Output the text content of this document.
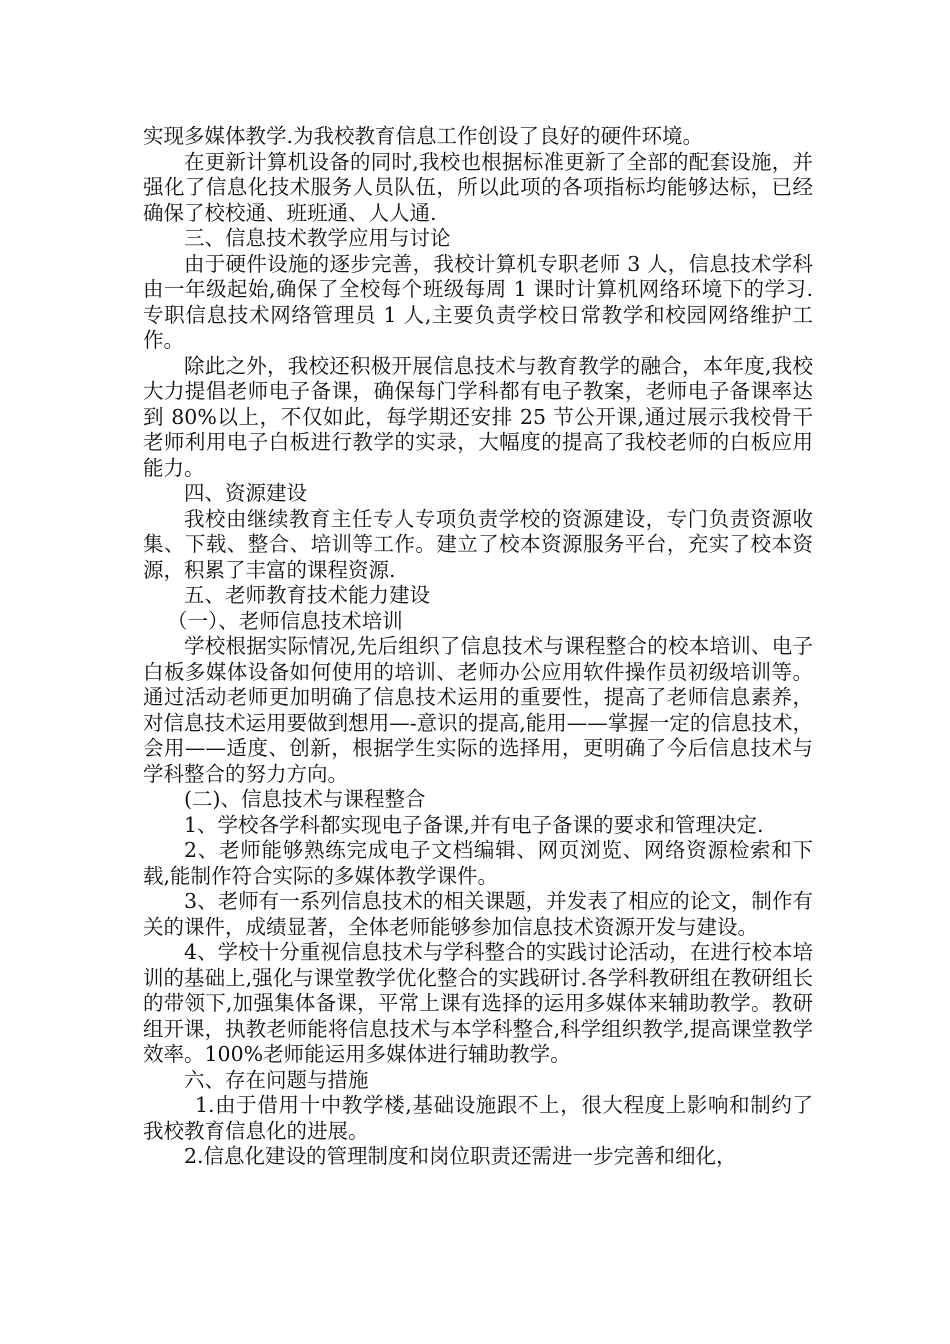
实现多媒体教学.为我校教育信息工作创设了良好的硬件环境。

在更新计算机设备的同时,我校也根据标准更新了全部的配套设施，并强化了信息化技术服务人员队伍，所以此项的各项指标均能够达标，已经确保了校校通、班班通、人人通.

三、信息技术教学应用与讨论

由于硬件设施的逐步完善，我校计算机专职老师 3 人，信息技术学科由一年级起始,确保了全校每个班级每周 1 课时计算机网络环境下的学习.专职信息技术网络管理员 1 人,主要负责学校日常教学和校园网络维护工作。

除此之外，我校还积极开展信息技术与教育教学的融合，本年度,我校大力提倡老师电子备课，确保每门学科都有电子教案，老师电子备课率达到 80%以上，不仅如此，每学期还安排 25 节公开课,通过展示我校骨干老师利用电子白板进行教学的实录，大幅度的提高了我校老师的白板应用能力。

四、资源建设

我校由继续教育主任专人专项负责学校的资源建设，专门负责资源收集、下载、整合、培训等工作。建立了校本资源服务平台，充实了校本资源，积累了丰富的课程资源.

五、老师教育技术能力建设

（一）、老师信息技术培训

学校根据实际情况,先后组织了信息技术与课程整合的校本培训、电子白板多媒体设备如何使用的培训、老师办公应用软件操作员初级培训等。通过活动老师更加明确了信息技术运用的重要性，提高了老师信息素养，对信息技术运用要做到想用—-意识的提高,能用——掌握一定的信息技术，会用——适度、创新，根据学生实际的选择用，更明确了今后信息技术与学科整合的努力方向。

(二)、信息技术与课程整合

1、学校各学科都实现电子备课,并有电子备课的要求和管理决定.

2、老师能够熟练完成电子文档编辑、网页浏览、网络资源检索和下载,能制作符合实际的多媒体教学课件。

3、老师有一系列信息技术的相关课题，并发表了相应的论文，制作有关的课件，成绩显著，全体老师能够参加信息技术资源开发与建设。

4、学校十分重视信息技术与学科整合的实践讨论活动，在进行校本培训的基础上,强化与课堂教学优化整合的实践研讨.各学科教研组在教研组长的带领下,加强集体备课，平常上课有选择的运用多媒体来辅助教学。教研组开课，执教老师能将信息技术与本学科整合,科学组织教学,提高课堂教学效率。100%老师能运用多媒体进行辅助教学。

六、存在问题与措施

1.由于借用十中教学楼,基础设施跟不上，很大程度上影响和制约了我校教育信息化的进展。

2.信息化建设的管理制度和岗位职责还需进一步完善和细化，
